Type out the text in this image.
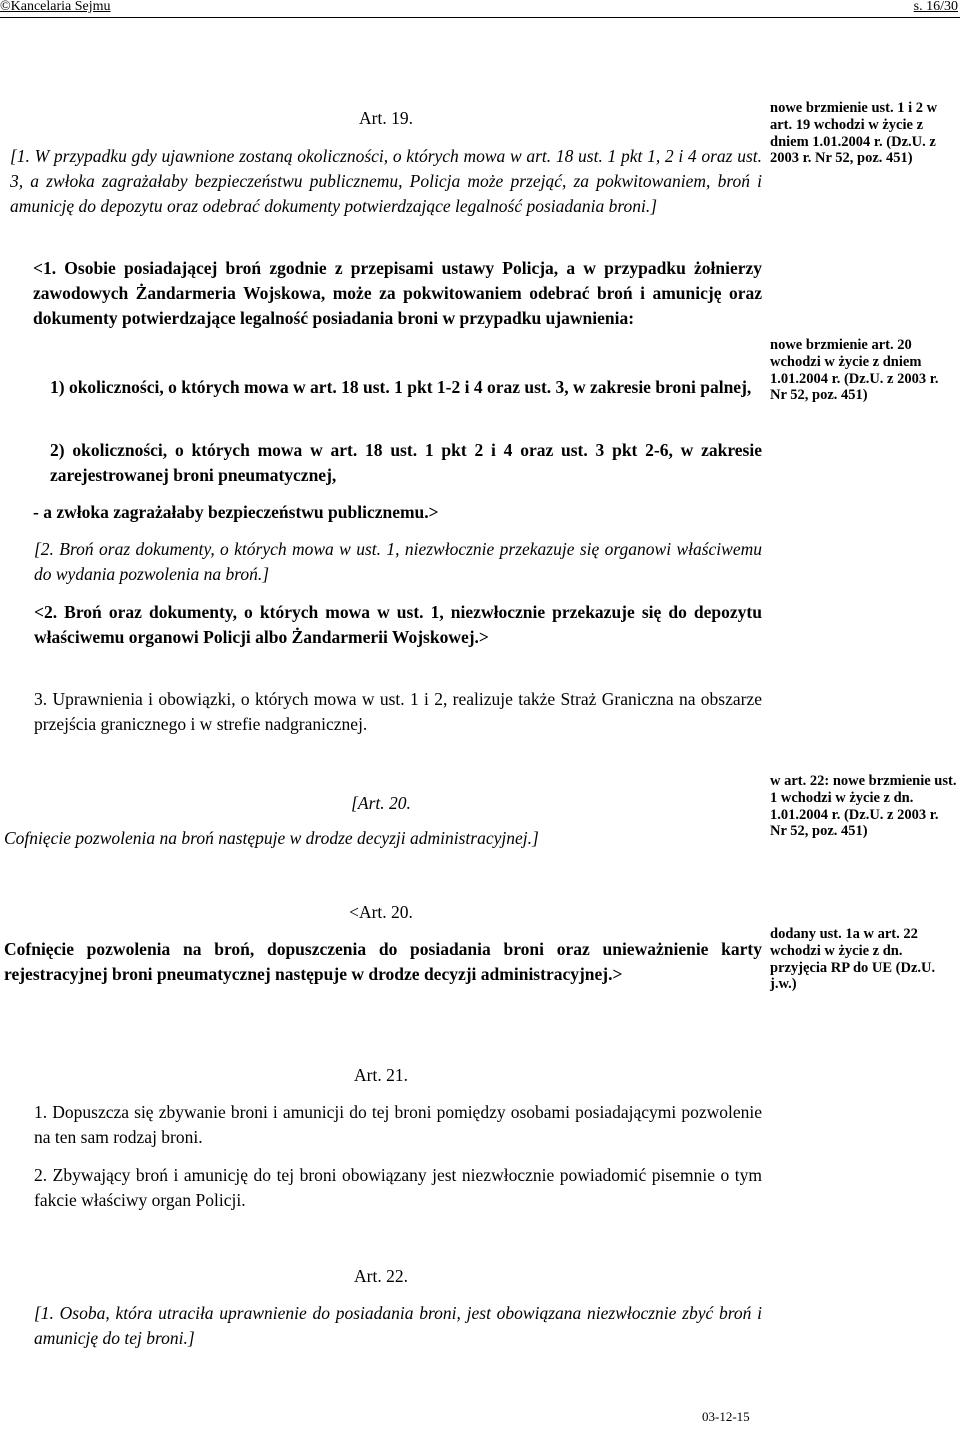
©Kancelaria Sejmu	s. 16/30
Art. 19.
[1. W przypadku gdy ujawnione zostaną okoliczności, o których mowa w art. 18 ust. 1 pkt 1, 2 i 4 oraz ust. 3, a zwłoka zagrażałaby bezpieczeństwu publicznemu, Policja może przejąć, za pokwitowaniem, broń i amunicję do depozytu oraz odebrać dokumenty potwierdzające legalność posiadania broni.]
<1. Osobie posiadającej broń zgodnie z przepisami ustawy Policja, a w przypadku żołnierzy zawodowych Żandarmeria Wojskowa, może za pokwitowaniem odebrać broń i amunicję oraz dokumenty potwierdzające legalność posiadania broni w przypadku ujawnienia:
1) okoliczności, o których mowa w art. 18 ust. 1 pkt 1-2 i 4 oraz ust. 3, w zakresie broni palnej,
2) okoliczności, o których mowa w art. 18 ust. 1 pkt 2 i 4 oraz ust. 3 pkt 2-6, w zakresie zarejestrowanej broni pneumatycznej,
- a zwłoka zagrażałaby bezpieczeństwu publicznemu.>
[2. Broń oraz dokumenty, o których mowa w ust. 1, niezwłocznie przekazuje się organowi właściwemu do wydania pozwolenia na broń.]
<2. Broń oraz dokumenty, o których mowa w ust. 1, niezwłocznie przekazuje się do depozytu właściwemu organowi Policji albo Żandarmerii Wojskowej.>
3. Uprawnienia i obowiązki, o których mowa w ust. 1 i 2, realizuje także Straż Graniczna na obszarze przejścia granicznego i w strefie nadgranicznej.
[Art. 20.
Cofnięcie pozwolenia na broń następuje w drodze decyzji administracyjnej.]
<Art. 20.
Cofnięcie pozwolenia na broń, dopuszczenia do posiadania broni oraz unieważnienie karty rejestracyjnej broni pneumatycznej następuje w drodze decyzji administracyjnej.>
Art. 21.
1. Dopuszcza się zbywanie broni i amunicji do tej broni pomiędzy osobami posiadającymi pozwolenie na ten sam rodzaj broni.
2. Zbywający broń i amunicję do tej broni obowiązany jest niezwłocznie powiadomić pisemnie o tym fakcie właściwy organ Policji.
Art. 22.
[1. Osoba, która utraciła uprawnienie do posiadania broni, jest obowiązana niezwłocznie zbyć broń i amunicję do tej broni.]
nowe brzmienie ust. 1 i 2 w art. 19 wchodzi w życie z dniem 1.01.2004 r. (Dz.U. z 2003 r. Nr 52, poz. 451)
nowe brzmienie art. 20 wchodzi w życie z dniem 1.01.2004 r. (Dz.U. z 2003 r. Nr 52, poz. 451)
w art. 22: nowe brzmienie ust. 1 wchodzi w życie z dn. 1.01.2004 r. (Dz.U. z 2003 r. Nr 52, poz. 451)
dodany ust. 1a w art. 22 wchodzi w życie z dn. przyjęcia RP do UE (Dz.U. j.w.)
03-12-15
